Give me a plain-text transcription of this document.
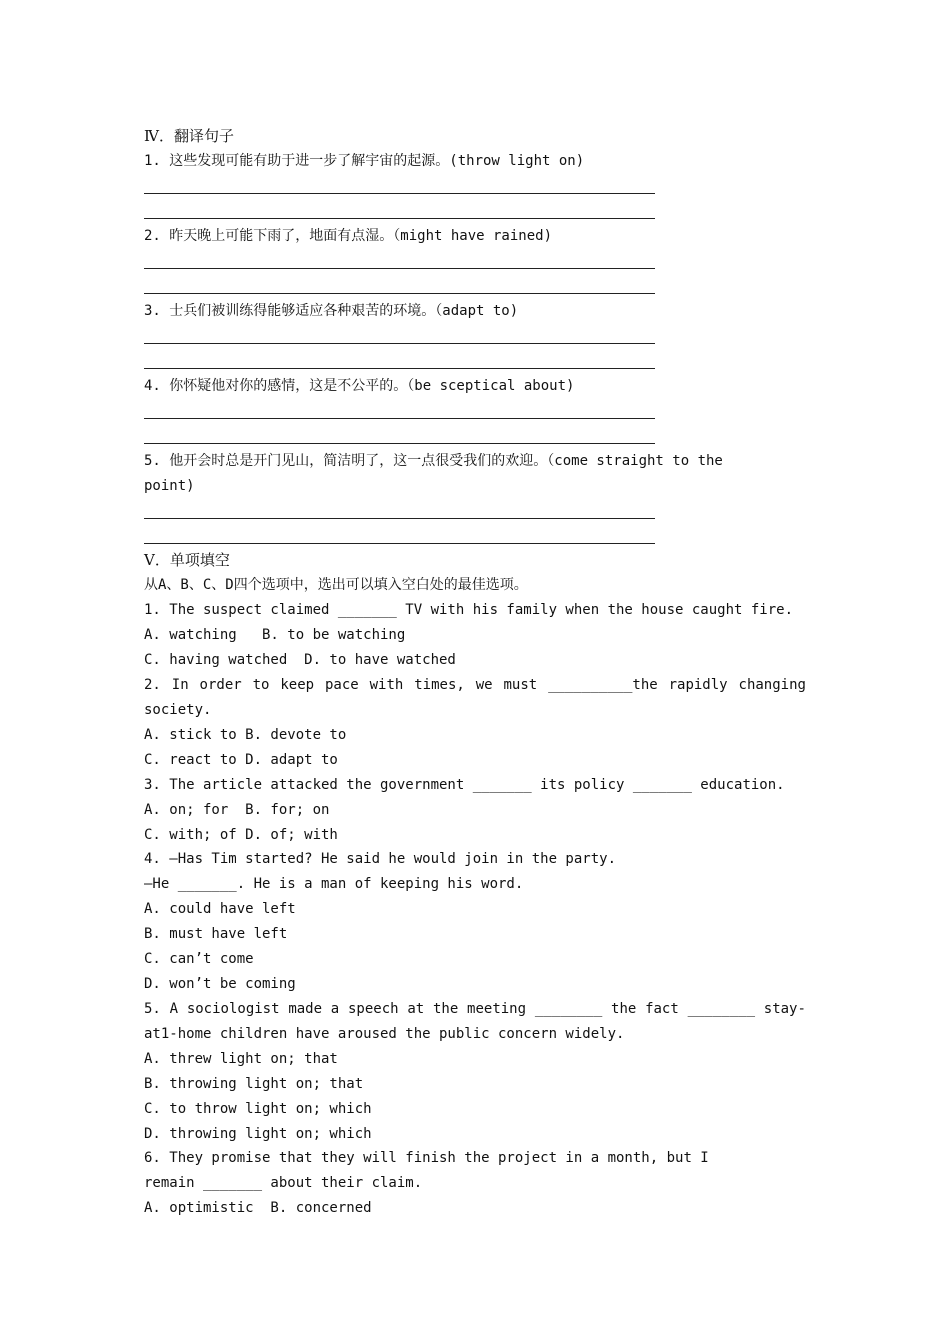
Ⅳ．翻译句子
1. 这些发现可能有助于进一步了解宇宙的起源。(throw light on)
2. 昨天晚上可能下雨了，地面有点湿。（might have rained)
3. 士兵们被训练得能够适应各种艰苦的环境。（adapt to)
4. 你怀疑他对你的感情，这是不公平的。（be sceptical about)
5. 他开会时总是开门见山，简洁明了，这一点很受我们的欢迎。（come straight to the
point)
Ⅴ．单项填空
从A、B、C、D四个选项中，选出可以填入空白处的最佳选项。
1. The suspect claimed _______ TV with his family when the house caught fire.
A. watching   B. to be watching
C. having watched  D. to have watched
2. In order to keep pace with times, we must __________the rapidly changing
society.
A. stick to B. devote to
C. react to D. adapt to
3. The article attacked the government _______ its policy _______ education.
A. on; for  B. for; on
C. with; of D. of; with
4. —Has Tim started? He said he would join in the party.
—He _______. He is a man of keeping his word.
A. could have left
B. must have left
C. can’t come
D. won’t be coming
5. A sociologist made a speech at the meeting ________ the fact ________ stay-
at1-home children have aroused the public concern widely.
A. threw light on; that
B. throwing light on; that
C. to throw light on; which
D. throwing light on; which
6. They promise that they will finish the project in a month, but I
remain _______ about their claim.
A. optimistic  B. concerned
